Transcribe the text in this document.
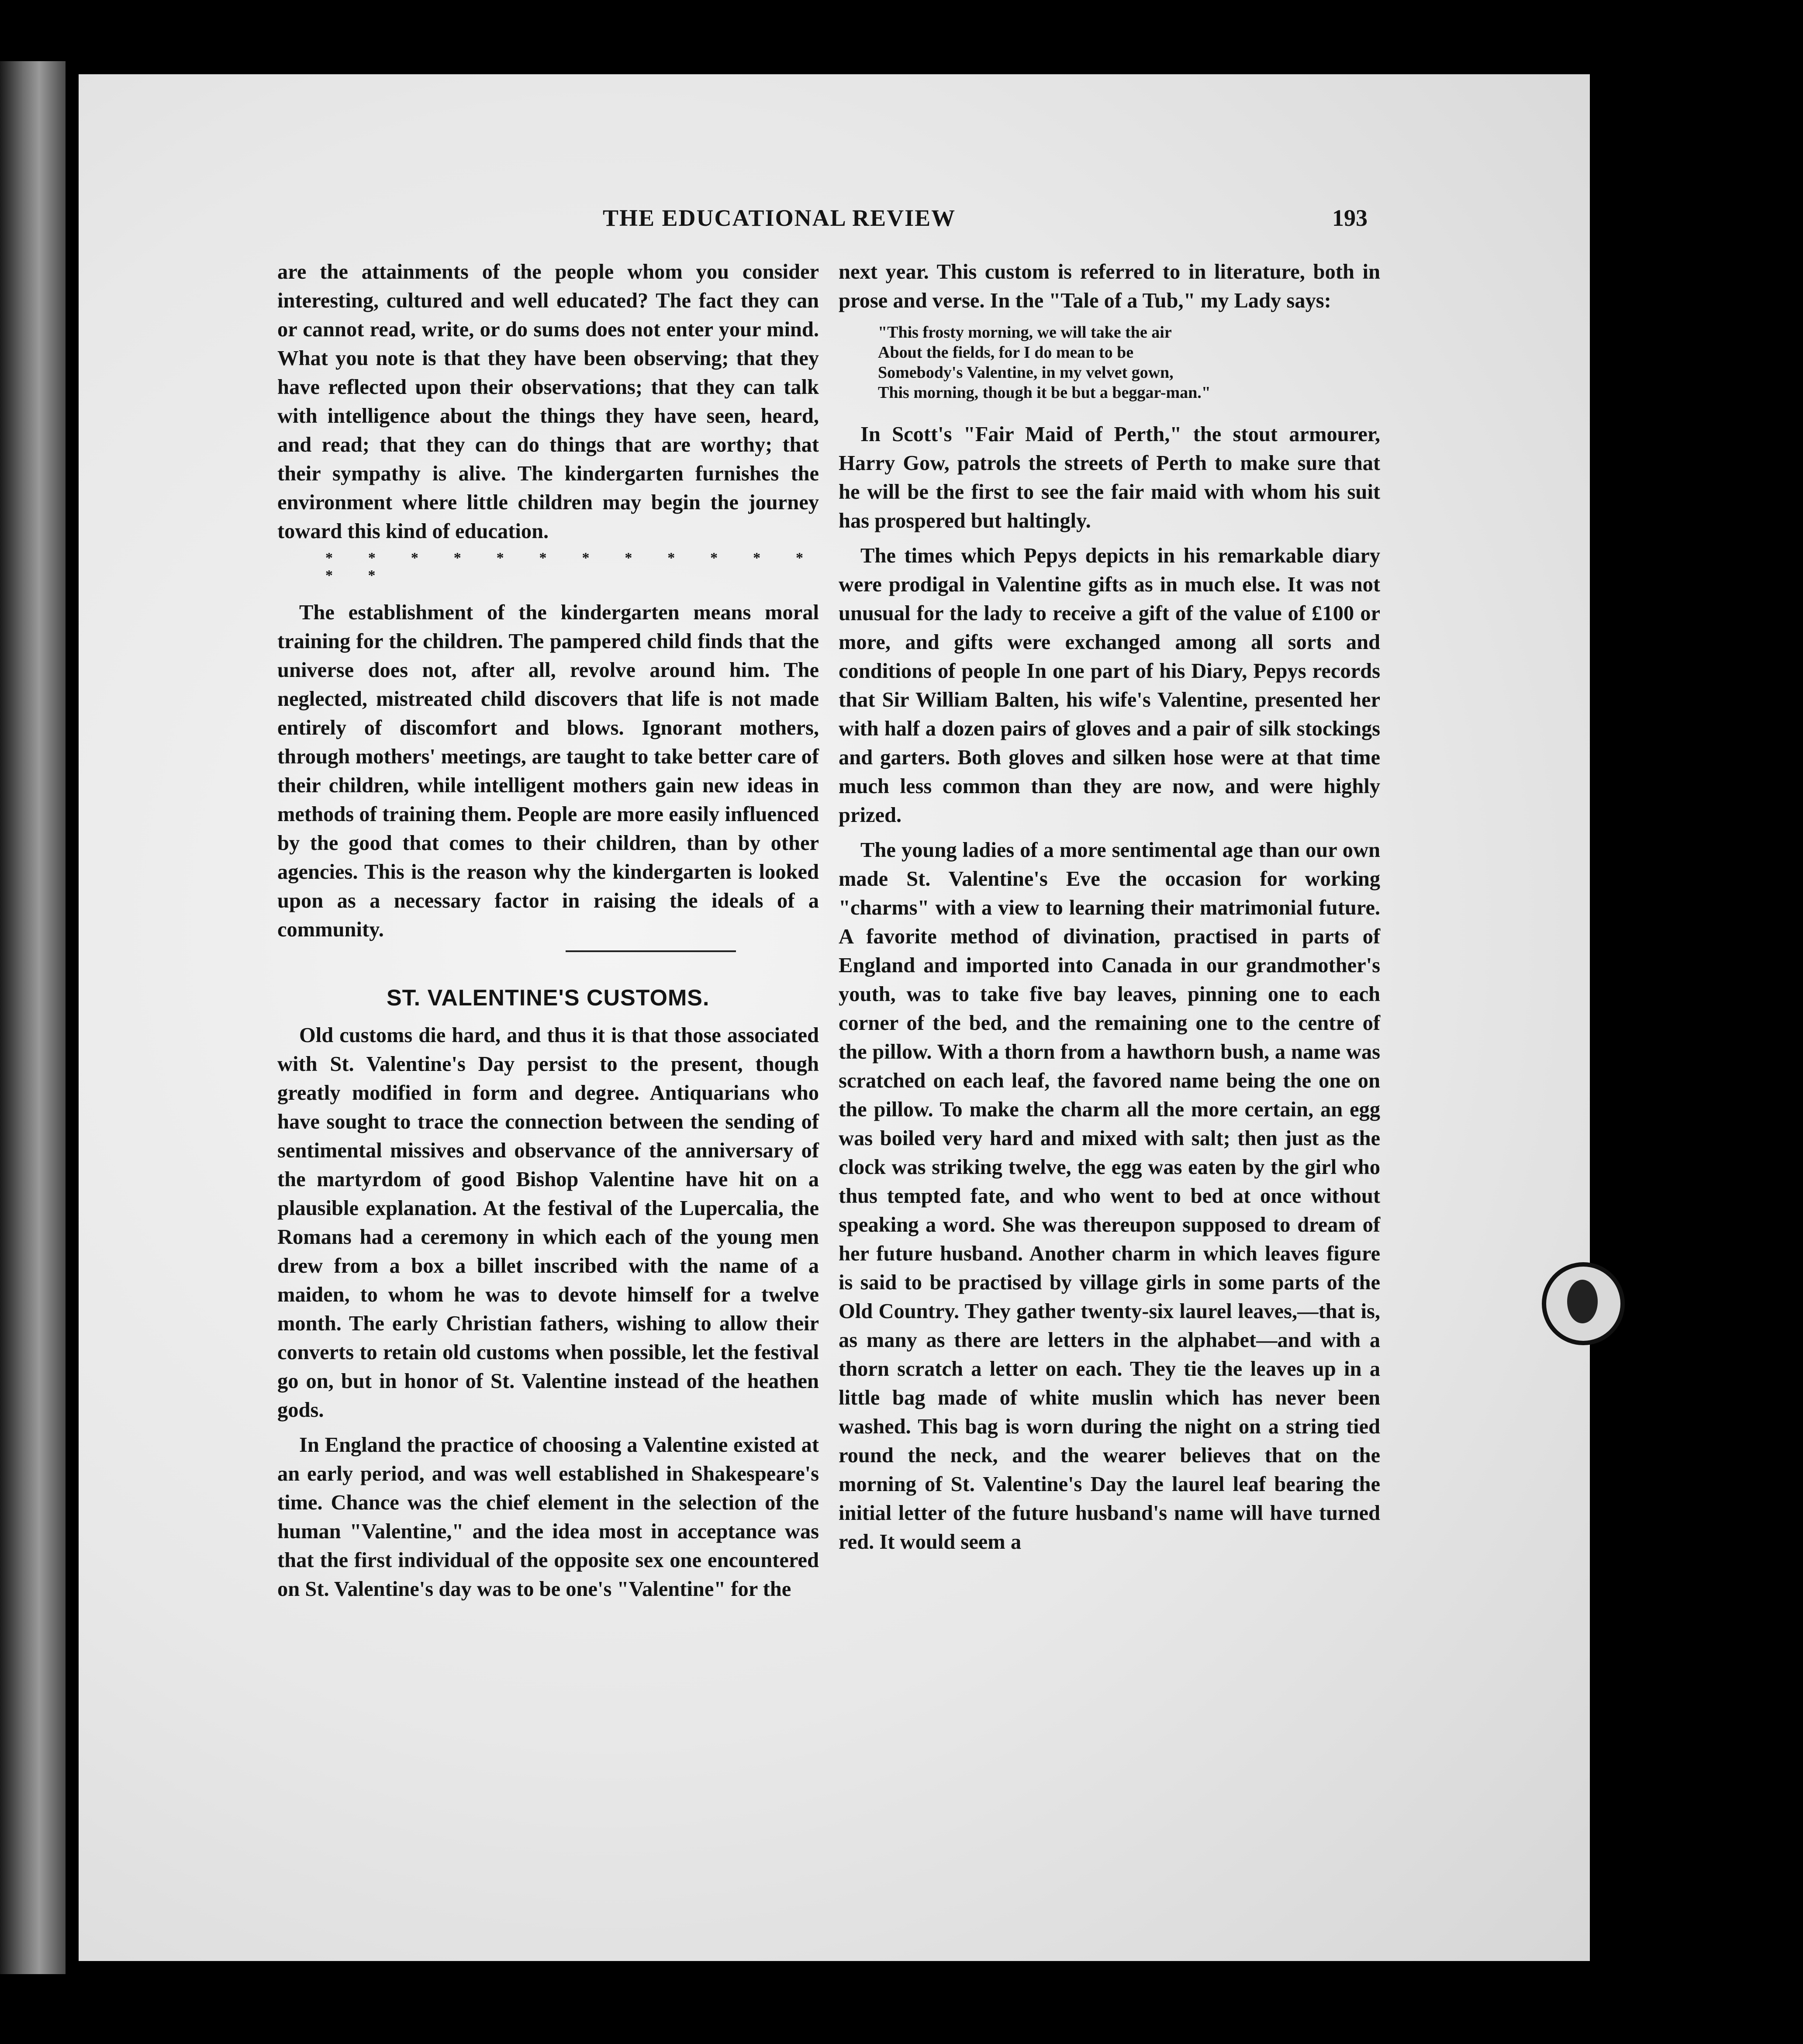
THE EDUCATIONAL REVIEW	193

are the attainments of the people whom you consider interesting, cultured and well educated? The fact they can or cannot read, write, or do sums does not enter your mind. What you note is that they have been observing; that they have reflected upon their observations; that they can talk with intelligence about the things they have seen, heard, and read; that they can do things that are worthy; that their sympathy is alive. The kindergarten furnishes the environment where little children may begin the journey toward this kind of education.

* * * * * * * * * * * * * *

The establishment of the kindergarten means moral training for the children. The pampered child finds that the universe does not, after all, revolve around him. The neglected, mistreated child discovers that life is not made entirely of discomfort and blows. Ignorant mothers, through mothers' meetings, are taught to take better care of their children, while intelligent mothers gain new ideas in methods of training them. People are more easily influenced by the good that comes to their children, than by other agencies. This is the reason why the kindergarten is looked upon as a necessary factor in raising the ideals of a community.

ST. VALENTINE'S CUSTOMS.

Old customs die hard, and thus it is that those associated with St. Valentine's Day persist to the present, though greatly modified in form and degree. Antiquarians who have sought to trace the connection between the sending of sentimental missives and observance of the anniversary of the martyrdom of good Bishop Valentine have hit on a plausible explanation. At the festival of the Lupercalia, the Romans had a ceremony in which each of the young men drew from a box a billet inscribed with the name of a maiden, to whom he was to devote himself for a twelve month. The early Christian fathers, wishing to allow their converts to retain old customs when possible, let the festival go on, but in honor of St. Valentine instead of the heathen gods.

In England the practice of choosing a Valentine existed at an early period, and was well established in Shakespeare's time. Chance was the chief element in the selection of the human "Valentine," and the idea most in acceptance was that the first individual of the opposite sex one encountered on St. Valentine's day was to be one's "Valentine" for the

next year. This custom is referred to in literature, both in prose and verse. In the "Tale of a Tub," my Lady says:

"This frosty morning, we will take the air
About the fields, for I do mean to be
Somebody's Valentine, in my velvet gown,
This morning, though it be but a beggar-man."

In Scott's "Fair Maid of Perth," the stout armourer, Harry Gow, patrols the streets of Perth to make sure that he will be the first to see the fair maid with whom his suit has prospered but haltingly.

The times which Pepys depicts in his remarkable diary were prodigal in Valentine gifts as in much else. It was not unusual for the lady to receive a gift of the value of £100 or more, and gifts were exchanged among all sorts and conditions of people In one part of his Diary, Pepys records that Sir William Balten, his wife's Valentine, presented her with half a dozen pairs of gloves and a pair of silk stockings and garters. Both gloves and silken hose were at that time much less common than they are now, and were highly prized.

The young ladies of a more sentimental age than our own made St. Valentine's Eve the occasion for working "charms" with a view to learning their matrimonial future. A favorite method of divination, practised in parts of England and imported into Canada in our grandmother's youth, was to take five bay leaves, pinning one to each corner of the bed, and the remaining one to the centre of the pillow. With a thorn from a hawthorn bush, a name was scratched on each leaf, the favored name being the one on the pillow. To make the charm all the more certain, an egg was boiled very hard and mixed with salt; then just as the clock was striking twelve, the egg was eaten by the girl who thus tempted fate, and who went to bed at once without speaking a word. She was thereupon supposed to dream of her future husband. Another charm in which leaves figure is said to be practised by village girls in some parts of the Old Country. They gather twenty-six laurel leaves,—that is, as many as there are letters in the alphabet—and with a thorn scratch a letter on each. They tie the leaves up in a little bag made of white muslin which has never been washed. This bag is worn during the night on a string tied round the neck, and the wearer believes that on the morning of St. Valentine's Day the laurel leaf bearing the initial letter of the future husband's name will have turned red. It would seem a
